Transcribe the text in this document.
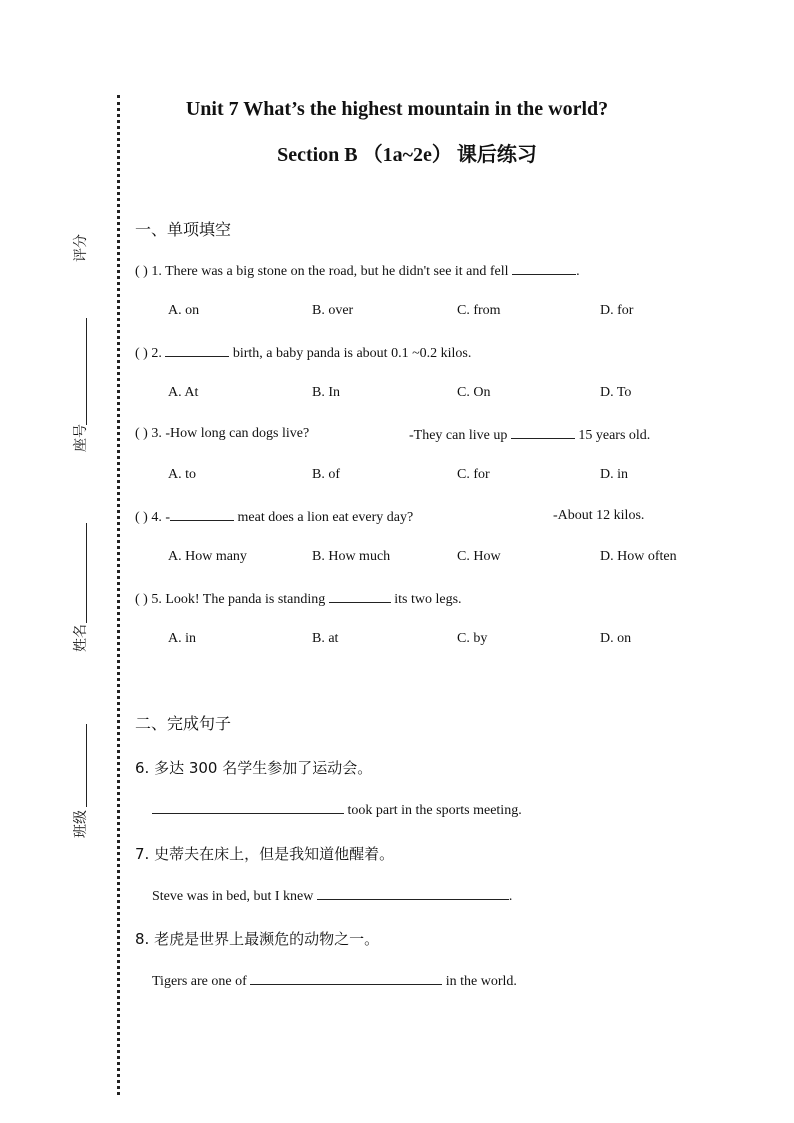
评分
座号
姓名
班级
Unit 7 What’s the highest mountain in the world?
Section B （1a~2e） 课后练习
一、单项填空
( ) 1. There was a big stone on the road, but he didn't see it and fell	.
A. on	B. over	C. from	D. for
( ) 2.	birth, a baby panda is about 0.1 ~0.2 kilos.
A. At	B. In	C. On	D. To
( ) 3. -How long can dogs live?	-They can live up	15 years old.
A. to	B. of	C. for	D. in
( ) 4. -	meat does a lion eat every day?	-About 12 kilos.
A. How many	B. How much	C. How	D. How often
( ) 5. Look! The panda is standing	its two legs.
A. in	B. at	C. by	D. on
二、完成句子
6. 多达 300 名学生参加了运动会。
took part in the sports meeting.
7. 史蒂夫在床上，但是我知道他醒着。
Steve was in bed, but I knew	.
8. 老虎是世界上最濒危的动物之一。
Tigers are one of	in the world.
